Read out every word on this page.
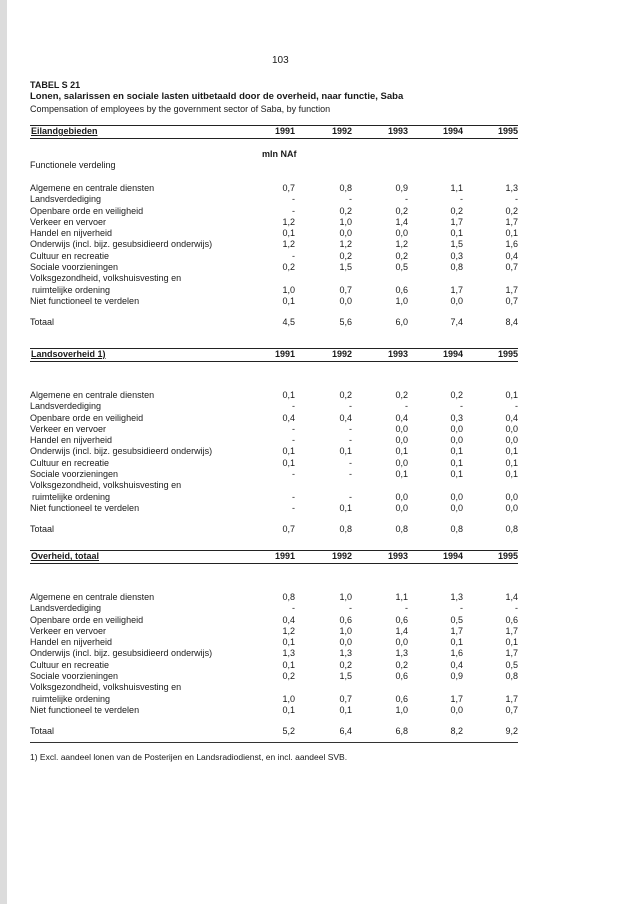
103
TABEL S 21
Lonen, salarissen en sociale lasten uitbetaald door de overheid, naar functie, Saba
Compensation of employees by the government sector of Saba, by function
Eilandgebieden	1991	1992	1993	1994	1995
mln NAf
Functionele verdeling
Algemene en centrale diensten	0,7	0,8	0,9	1,1	1,3
Landsverdediging	-	-	-	-	-
Openbare orde en veiligheid	-	0,2	0,2	0,2	0,2
Verkeer en vervoer	1,2	1,0	1,4	1,7	1,7
Handel en nijverheid	0,1	0,0	0,0	0,1	0,1
Onderwijs (incl. bijz. gesubsidieerd onderwijs)	1,2	1,2	1,2	1,5	1,6
Cultuur en recreatie	-	0,2	0,2	0,3	0,4
Sociale voorzieningen	0,2	1,5	0,5	0,8	0,7
Volksgezondheid, volkshuisvesting en
ruimtelijke ordening	1,0	0,7	0,6	1,7	1,7
Niet functioneel te verdelen	0,1	0,0	1,0	0,0	0,7
Totaal	4,5	5,6	6,0	7,4	8,4
Landsoverheid 1)	1991	1992	1993	1994	1995
Algemene en centrale diensten	0,1	0,2	0,2	0,2	0,1
Landsverdediging	-	-	-	-	-
Openbare orde en veiligheid	0,4	0,4	0,4	0,3	0,4
Verkeer en vervoer	-	-	0,0	0,0	0,0
Handel en nijverheid	-	-	0,0	0,0	0,0
Onderwijs (incl. bijz. gesubsidieerd onderwijs)	0,1	0,1	0,1	0,1	0,1
Cultuur en recreatie	0,1	-	0,0	0,1	0,1
Sociale voorzieningen	-	-	0,1	0,1	0,1
Volksgezondheid, volkshuisvesting en
ruimtelijke ordening	-	-	0,0	0,0	0,0
Niet functioneel te verdelen	-	0,1	0,0	0,0	0,0
Totaal	0,7	0,8	0,8	0,8	0,8
Overheid, totaal	1991	1992	1993	1994	1995
Algemene en centrale diensten	0,8	1,0	1,1	1,3	1,4
Landsverdediging	-	-	-	-	-
Openbare orde en veiligheid	0,4	0,6	0,6	0,5	0,6
Verkeer en vervoer	1,2	1,0	1,4	1,7	1,7
Handel en nijverheid	0,1	0,0	0,0	0,1	0,1
Onderwijs (incl. bijz. gesubsidieerd onderwijs)	1,3	1,3	1,3	1,6	1,7
Cultuur en recreatie	0,1	0,2	0,2	0,4	0,5
Sociale voorzieningen	0,2	1,5	0,6	0,9	0,8
Volksgezondheid, volkshuisvesting en
ruimtelijke ordening	1,0	0,7	0,6	1,7	1,7
Niet functioneel te verdelen	0,1	0,1	1,0	0,0	0,7
Totaal	5,2	6,4	6,8	8,2	9,2
1) Excl. aandeel lonen van de Posterijen en Landsradiodienst, en incl. aandeel SVB.
